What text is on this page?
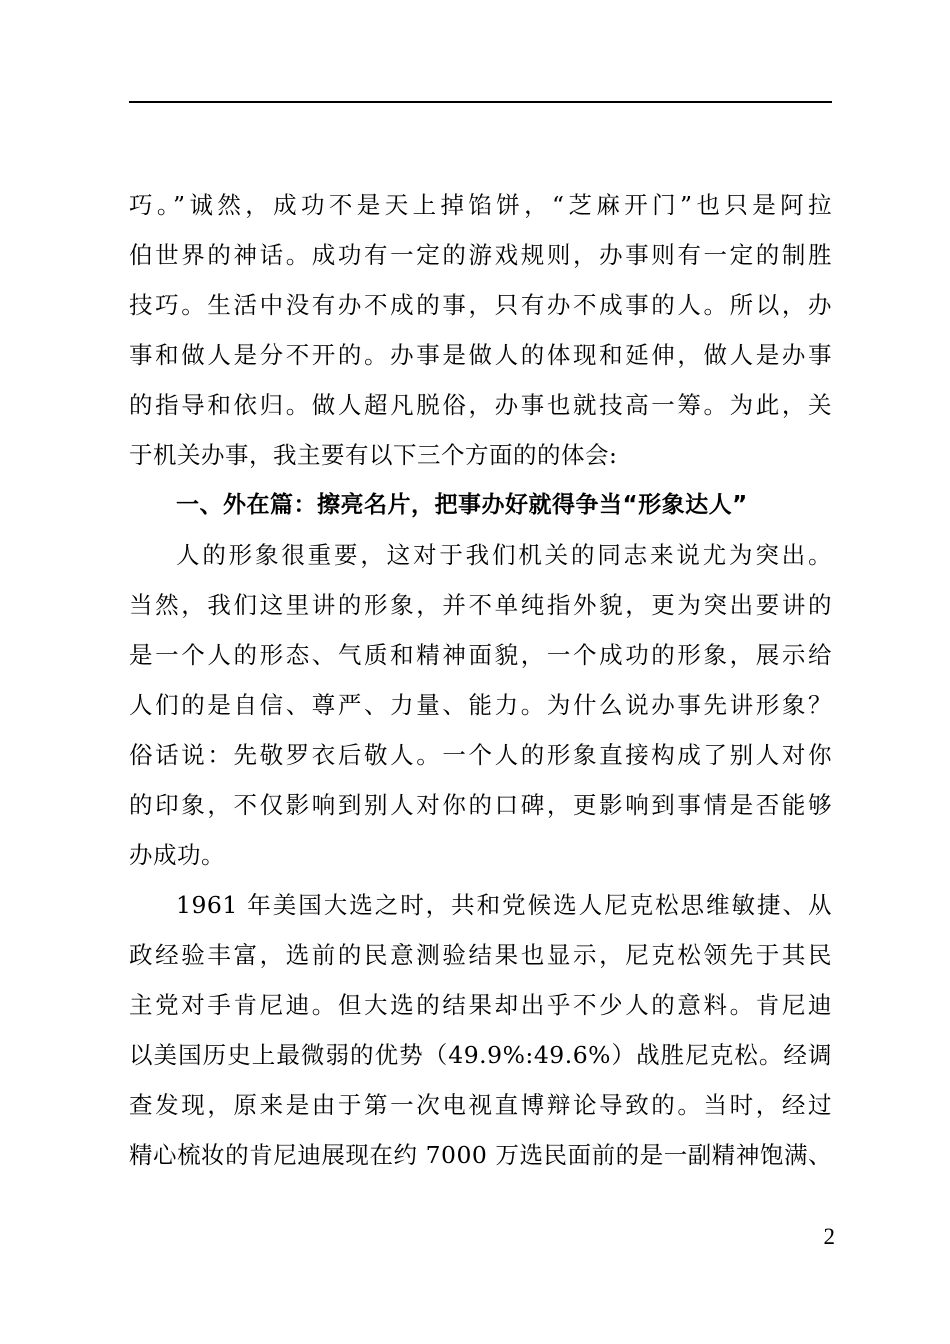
巧。”诚然，成功不是天上掉馅饼，“芝麻开门”也只是阿拉
伯世界的神话。成功有一定的游戏规则，办事则有一定的制胜
技巧。生活中没有办不成的事，只有办不成事的人。所以，办
事和做人是分不开的。办事是做人的体现和延伸，做人是办事
的指导和依归。做人超凡脱俗，办事也就技高一筹。为此，关
于机关办事，我主要有以下三个方面的的体会:
一、外在篇：擦亮名片，把事办好就得争当“形象达人”
人的形象很重要，这对于我们机关的同志来说尤为突出。
当然，我们这里讲的形象，并不单纯指外貌，更为突出要讲的
是一个人的形态、气质和精神面貌，一个成功的形象，展示给
人们的是自信、尊严、力量、能力。为什么说办事先讲形象？
俗话说：先敬罗衣后敬人。一个人的形象直接构成了别人对你
的印象，不仅影响到别人对你的口碑，更影响到事情是否能够
办成功。
1961 年美国大选之时，共和党候选人尼克松思维敏捷、从
政经验丰富，选前的民意测验结果也显示，尼克松领先于其民
主党对手肯尼迪。但大选的结果却出乎不少人的意料。肯尼迪
以美国历史上最微弱的优势（49.9%:49.6%）战胜尼克松。经调
查发现，原来是由于第一次电视直博辩论导致的。当时，经过
精心梳妆的肯尼迪展现在约 7000 万选民面前的是一副精神饱满、
2
